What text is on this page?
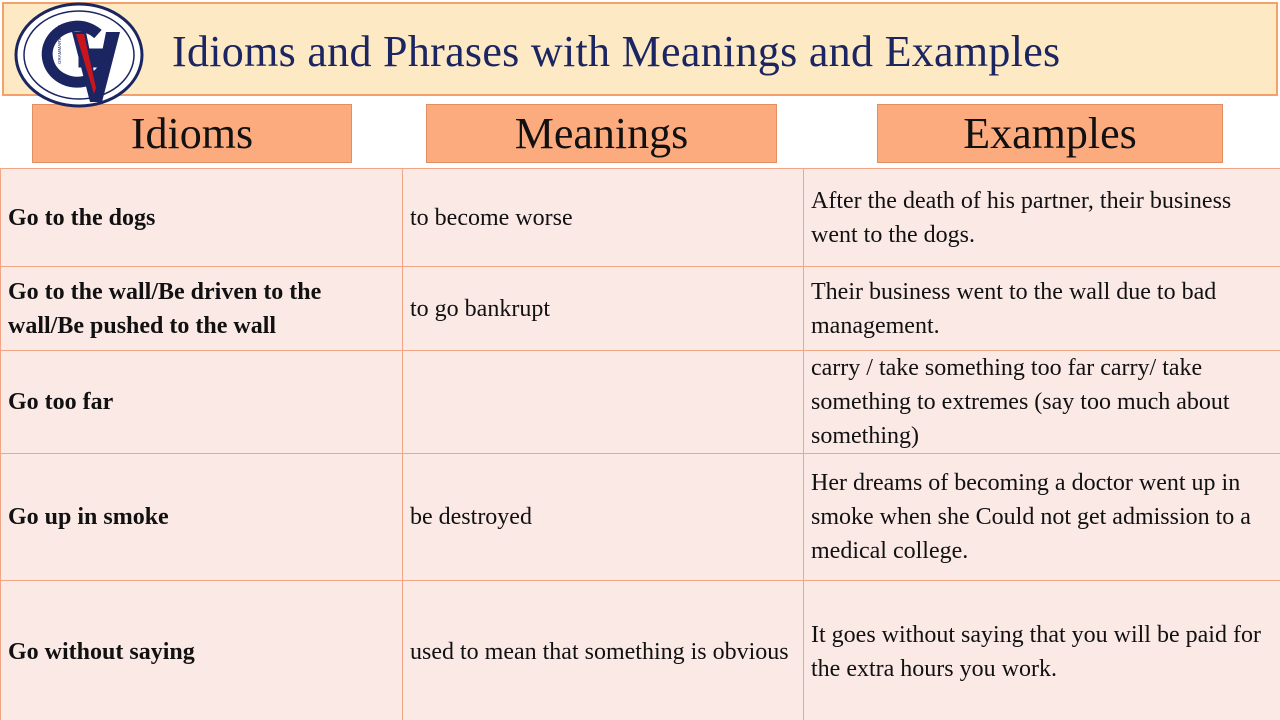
Idioms and Phrases with Meanings and Examples
GRAMMARVOCAB
Idioms	Meanings	Examples
Go to the dogs	to become worse	After the death of his partner, their business went to the dogs.
Go to the wall/Be driven to the wall/Be pushed to the wall	to go bankrupt	Their business went to the wall due to bad management.
Go too far		carry / take something too far carry/ take something to extremes (say too much about something)
Go up in smoke	be destroyed	Her dreams of becoming a doctor went up in smoke when she Could not get admission to a medical college.
Go without saying	used to mean that something is obvious	It goes without saying that you will be paid for the extra hours you work.
